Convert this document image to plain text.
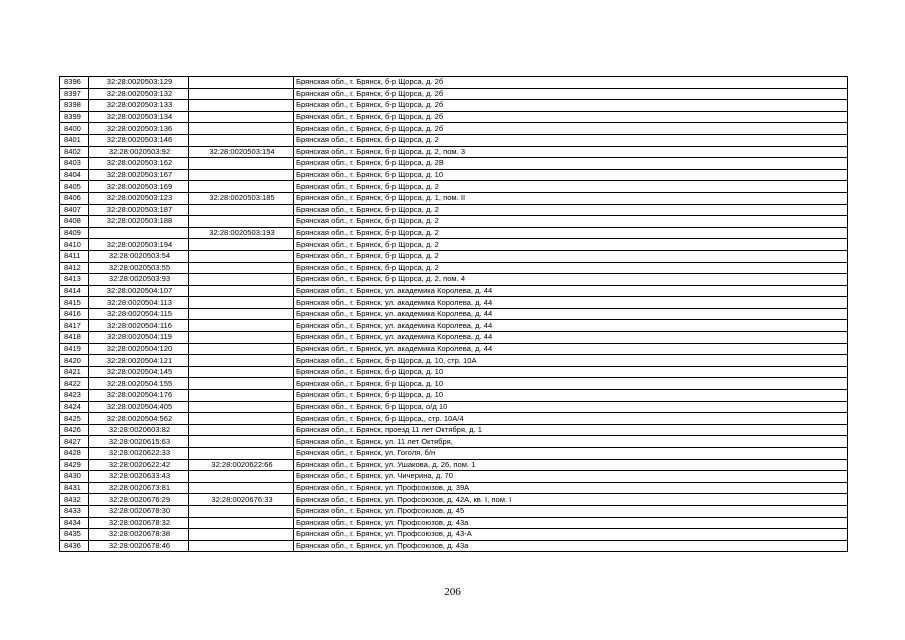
8396	32:28:0020503:129		Брянская обл., г. Брянск, б-р Щорса, д. 2б
8397	32:28:0020503:132		Брянская обл., г. Брянск, б-р Щорса, д. 2б
8398	32:28:0020503:133		Брянская обл., г. Брянск, б-р Щорса, д. 2б
8399	32:28:0020503:134		Брянская обл., г. Брянск, б-р Щорса, д. 2б
8400	32:28:0020503:136		Брянская обл., г. Брянск, б-р Щорса, д. 2б
8401	32:28:0020503:146		Брянская обл., г. Брянск, б-р Щорса, д. 2
8402	32:28:0020503:92	32:28:0020503:154	Брянская обл., г. Брянск, б-р Щорса, д. 2, пом. 3
8403	32:28:0020503:162		Брянская обл., г. Брянск, б-р Щорса, д. 2В
8404	32:28:0020503:167		Брянская обл., г. Брянск, б-р Щорса, д. 10
8405	32:28:0020503:169		Брянская обл., г. Брянск, б-р Щорса, д. 2
8406	32:28:0020503:123	32:28:0020503:185	Брянская обл., г. Брянск, б-р Щорса, д. 1, пом. II
8407	32:28:0020503:187		Брянская обл., г. Брянск, б-р Щорса, д. 2
8408	32:28:0020503:188		Брянская обл., г. Брянск, б-р Щорса, д. 2
8409		32:28:0020503:193	Брянская обл., г. Брянск, б-р Щорса, д. 2
8410	32:28:0020503:194		Брянская обл., г. Брянск, б-р Щорса, д. 2
8411	32:28:0020503:54		Брянская обл., г. Брянск, б-р Щорса, д. 2
8412	32:28:0020503:55		Брянская обл., г. Брянск, б-р Щорса, д. 2
8413	32:28:0020503:93		Брянская обл., г. Брянск, б-р Щорса, д. 2, пом. 4
8414	32:28:0020504:107		Брянская обл., г. Брянск, ул. академика Королева, д. 44
8415	32:28:0020504:113		Брянская обл., г. Брянск, ул. академика Королева, д. 44
8416	32:28:0020504:115		Брянская обл., г. Брянск, ул. академика Королева, д. 44
8417	32:28:0020504:116		Брянская обл., г. Брянск, ул. академика Королева, д. 44
8418	32:28:0020504:119		Брянская обл., г. Брянск, ул. академика Королева, д. 44
8419	32:28:0020504:120		Брянская обл., г. Брянск, ул. академика Королева, д. 44
8420	32:28:0020504:121		Брянская обл., г. Брянск, б-р Щорса, д. 10, стр. 10А
8421	32:28:0020504:145		Брянская обл., г. Брянск, б-р Щорса, д. 10
8422	32:28:0020504:155		Брянская обл., г. Брянск, б-р Щорса, д. 10
8423	32:28:0020504:176		Брянская обл., г. Брянск, б-р Щорса, д. 10
8424	32:28:0020504:405		Брянская обл., г. Брянск, б-р Щорса, о/д 10
8425	32:28:0020504:562		Брянская обл., г. Брянск, б-р Щорса,, стр. 10А/4
8426	32:28:0020603:82		Брянская обл., г. Брянск, проезд 11 лет Октября, д. 1
8427	32:28:0020615:63		Брянская обл., г. Брянск, ул. 11 лет Октября,
8428	32:28:0020622:33		Брянская обл., г. Брянск, ул. Гоголя, б/н
8429	32:28:0020622:42	32:28:0020622:66	Брянская обл., г. Брянск, ул. Ушакова, д. 26, пом. 1
8430	32:28:0020633:43		Брянская обл., г. Брянск, ул. Чичерина, д. 70
8431	32:28:0020673:81		Брянская обл., г. Брянск, ул. Профсоюзов, д. 39А
8432	32:28:0020676:29	32:28:0020676:33	Брянская обл., г. Брянск, ул. Профсоюзов, д. 42А, кв. I, пом. I
8433	32:28:0020678:30		Брянская обл., г. Брянск, ул. Профсоюзов, д. 45
8434	32:28:0020678:32		Брянская обл., г. Брянск, ул. Профсоюзов, д. 43а
8435	32:28:0020678:38		Брянская обл., г. Брянск, ул. Профсоюзов, д. 43-А
8436	32:28:0020678:46		Брянская обл., г. Брянск, ул. Профсоюзов, д. 43а
206
